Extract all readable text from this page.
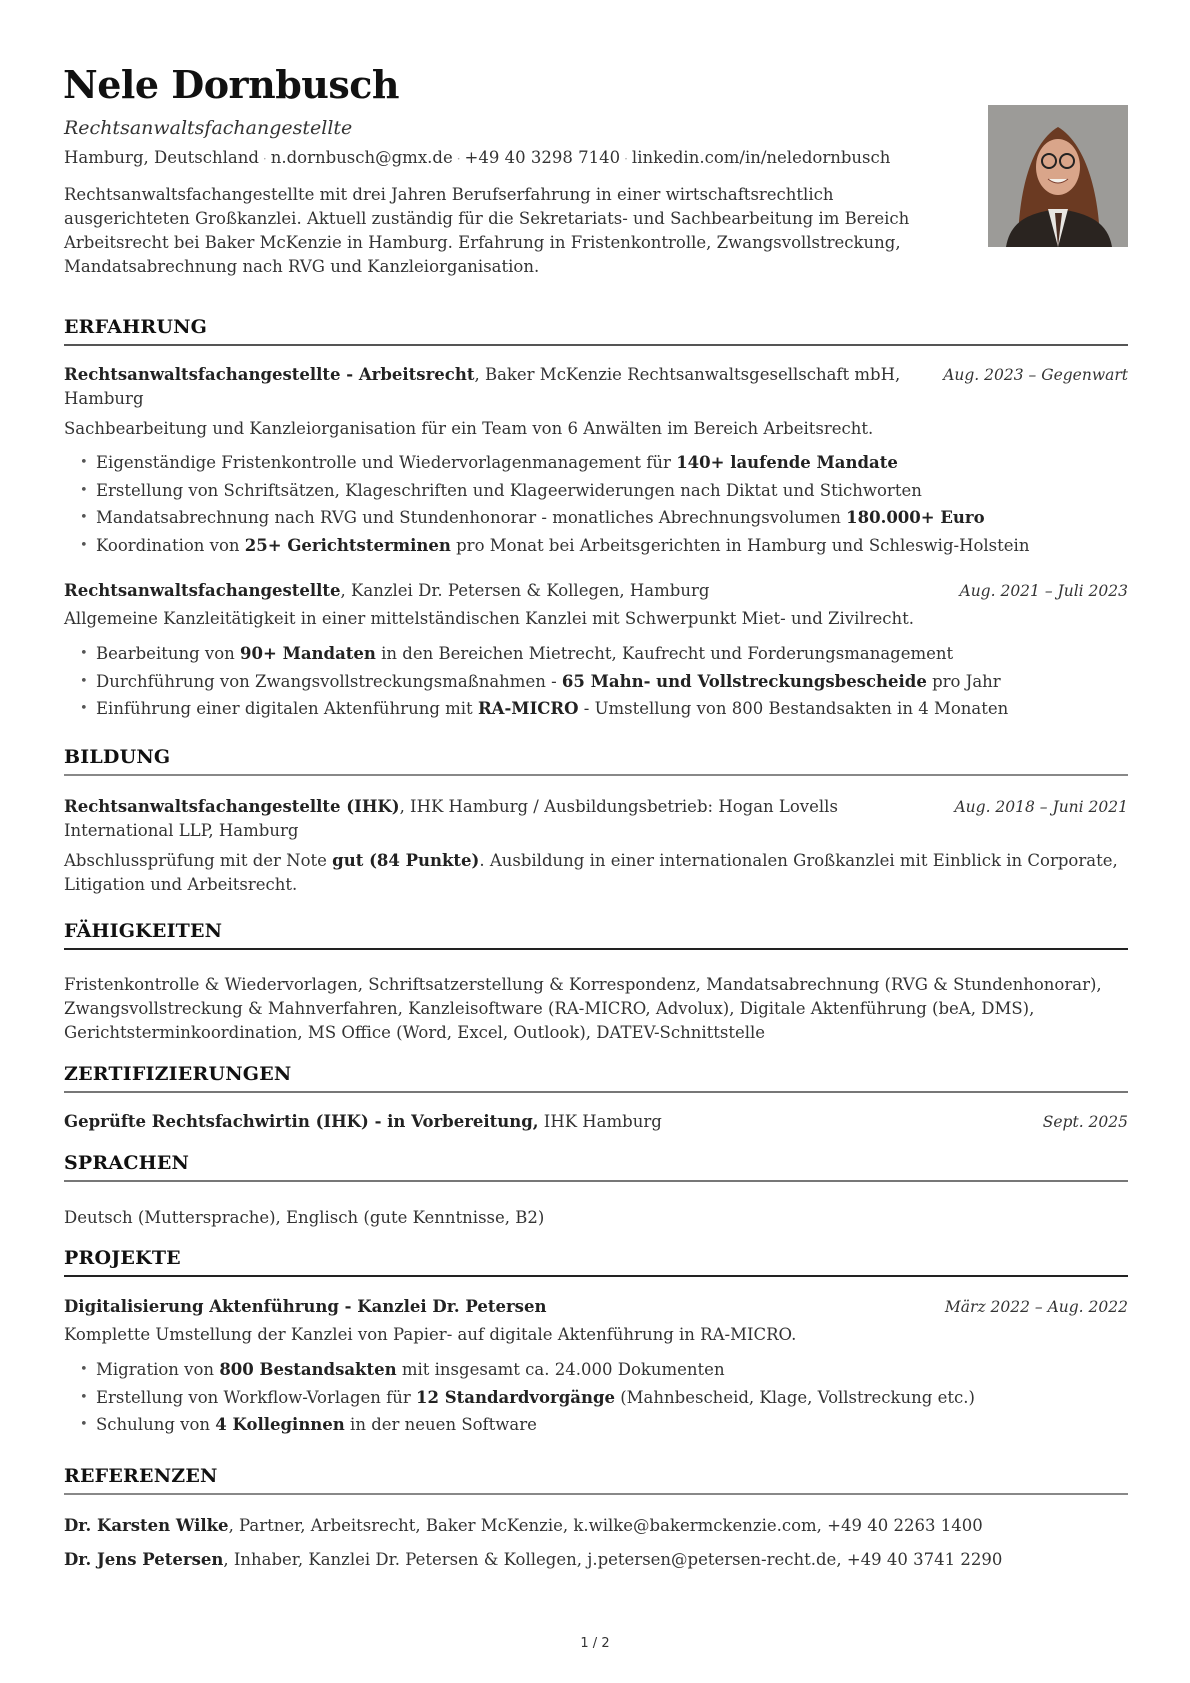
Nele Dornbusch
Rechtsanwaltsfachangestellte
Hamburg, Deutschland · n.dornbusch@gmx.de · +49 40 3298 7140 · linkedin.com/in/neledornbusch
Rechtsanwaltsfachangestellte mit drei Jahren Berufserfahrung in einer wirtschaftsrechtlich ausgerichteten Großkanzlei. Aktuell zuständig für die Sekretariats- und Sachbearbeitung im Bereich Arbeitsrecht bei Baker McKenzie in Hamburg. Erfahrung in Fristenkontrolle, Zwangsvollstreckung, Mandatsabrechnung nach RVG und Kanzleiorganisation.
ERFAHRUNG
Rechtsanwaltsfachangestellte - Arbeitsrecht, Baker McKenzie Rechtsanwaltsgesellschaft mbH,
Hamburg
Aug. 2023 – Gegenwart
Sachbearbeitung und Kanzleiorganisation für ein Team von 6 Anwälten im Bereich Arbeitsrecht.
• Eigenständige Fristenkontrolle und Wiedervorlagenmanagement für 140+ laufende Mandate
• Erstellung von Schriftsätzen, Klageschriften und Klageerwiderungen nach Diktat und Stichworten
• Mandatsabrechnung nach RVG und Stundenhonorar - monatliches Abrechnungsvolumen 180.000+ Euro
• Koordination von 25+ Gerichtsterminen pro Monat bei Arbeitsgerichten in Hamburg und Schleswig-Holstein
Rechtsanwaltsfachangestellte, Kanzlei Dr. Petersen & Kollegen, Hamburg	Aug. 2021 – Juli 2023
Allgemeine Kanzleitätigkeit in einer mittelständischen Kanzlei mit Schwerpunkt Miet- und Zivilrecht.
• Bearbeitung von 90+ Mandaten in den Bereichen Mietrecht, Kaufrecht und Forderungsmanagement
• Durchführung von Zwangsvollstreckungsmaßnahmen - 65 Mahn- und Vollstreckungsbescheide pro Jahr
• Einführung einer digitalen Aktenführung mit RA-MICRO - Umstellung von 800 Bestandsakten in 4 Monaten
BILDUNG
Rechtsanwaltsfachangestellte (IHK), IHK Hamburg / Ausbildungsbetrieb: Hogan Lovells
International LLP, Hamburg
Aug. 2018 – Juni 2021
Abschlussprüfung mit der Note gut (84 Punkte). Ausbildung in einer internationalen Großkanzlei mit Einblick in Corporate,
Litigation und Arbeitsrecht.
FÄHIGKEITEN
Fristenkontrolle & Wiedervorlagen, Schriftsatzerstellung & Korrespondenz, Mandatsabrechnung (RVG & Stundenhonorar),
Zwangsvollstreckung & Mahnverfahren, Kanzleisoftware (RA-MICRO, Advolux), Digitale Aktenführung (beA, DMS),
Gerichtsterminkoordination, MS Office (Word, Excel, Outlook), DATEV-Schnittstelle
ZERTIFIZIERUNGEN
Geprüfte Rechtsfachwirtin (IHK) - in Vorbereitung, IHK Hamburg	Sept. 2025
SPRACHEN
Deutsch (Muttersprache), Englisch (gute Kenntnisse, B2)
PROJEKTE
Digitalisierung Aktenführung - Kanzlei Dr. Petersen	März 2022 – Aug. 2022
Komplette Umstellung der Kanzlei von Papier- auf digitale Aktenführung in RA-MICRO.
• Migration von 800 Bestandsakten mit insgesamt ca. 24.000 Dokumenten
• Erstellung von Workflow-Vorlagen für 12 Standardvorgänge (Mahnbescheid, Klage, Vollstreckung etc.)
• Schulung von 4 Kolleginnen in der neuen Software
REFERENZEN
Dr. Karsten Wilke, Partner, Arbeitsrecht, Baker McKenzie, k.wilke@bakermckenzie.com, +49 40 2263 1400
Dr. Jens Petersen, Inhaber, Kanzlei Dr. Petersen & Kollegen, j.petersen@petersen-recht.de, +49 40 3741 2290
1 / 2
